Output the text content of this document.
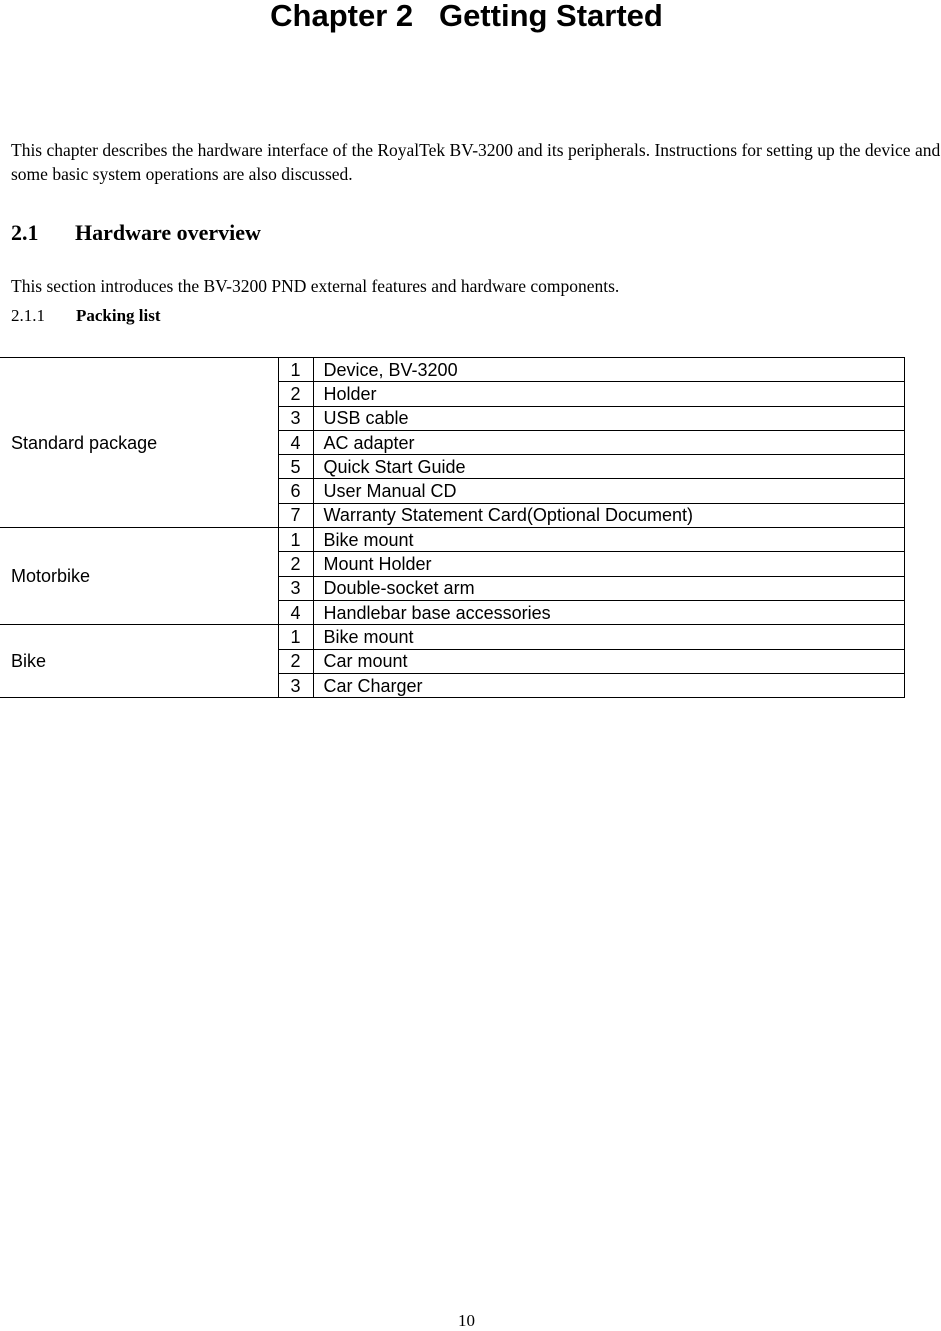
Chapter 2 Getting Started

This chapter describes the hardware interface of the RoyalTek BV-3200 and its peripherals. Instructions for setting up the device and some basic system operations are also discussed.

2.1 Hardware overview

This section introduces the BV-3200 PND external features and hardware components.

2.1.1 Packing list
Standard package	1	Device, BV-3200
	2	Holder
	3	USB cable
	4	AC adapter
	5	Quick Start Guide
	6	User Manual CD
	7	Warranty Statement Card(Optional Document)
Motorbike	1	Bike mount
	2	Mount Holder
	3	Double-socket arm
	4	Handlebar base accessories
Bike	1	Bike mount
	2	Car mount
	3	Car Charger
10
